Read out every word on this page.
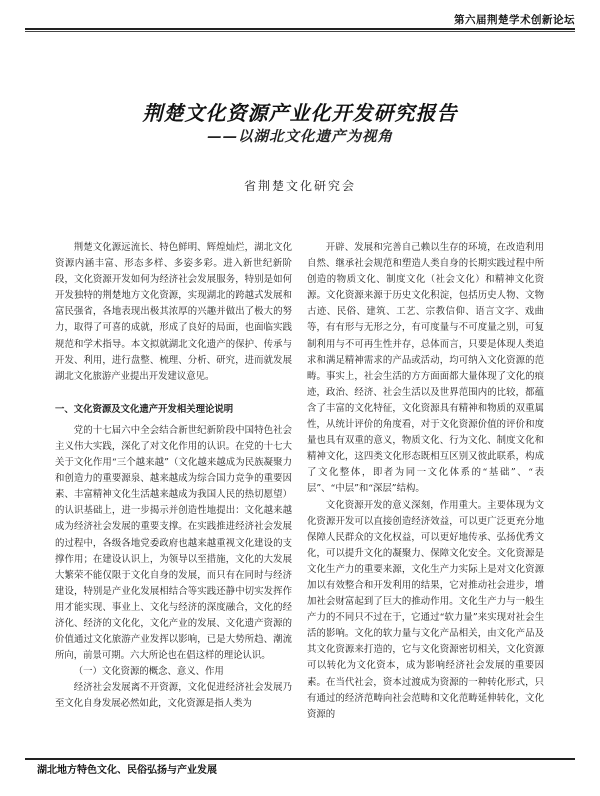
第六届荆楚学术创新论坛
荆楚文化资源产业化开发研究报告
——以湖北文化遗产为视角
省荆楚文化研究会

荆楚文化源远流长、特色鲜明、辉煌灿烂，湖北文化资源内涵丰富、形态多样、多姿多彩。进入新世纪新阶段，文化资源开发如何为经济社会发展服务，特别是如何开发独特的荆楚地方文化资源，实现湖北的跨越式发展和富民强省，各地表现出极其浓厚的兴趣并做出了极大的努力，取得了可喜的成就，形成了良好的局面，也面临实践规范和学术指导。本文拟就湖北文化遗产的保护、传承与开发、利用，进行盘整、梳理、分析、研究，进而就发展湖北文化旅游产业提出开发建议意见。

一、文化资源及文化遗产开发相关理论说明

党的十七届六中全会结合新世纪新阶段中国特色社会主义伟大实践，深化了对文化作用的认识。在党的十七大关于文化作用“三个越来越”（文化越来越成为民族凝聚力和创造力的重要源泉、越来越成为综合国力竞争的重要因素、丰富精神文化生活越来越成为我国人民的热切愿望）的认识基础上，进一步揭示并创造性地提出：文化越来越成为经济社会发展的重要支撑。在实践推进经济社会发展的过程中，各级各地党委政府也越来越重视文化建设的支撑作用；在建设认识上，为领导以至措施，文化的大发展大繁荣不能仅限于文化自身的发展，而只有在同时与经济建设，特别是产业化发展相结合等实践还静中切实发挥作用才能实现、事业上、文化与经济的深度融合，文化的经济化、经济的文化化，文化产业的发展、文化遗产资源的价值通过文化旅游产业发挥以影响，已是大势所趋、潮流所向，前景可期。六大所论也在倡这样的理论认识。

（一）文化资源的概念、意义、作用

经济社会发展离不开资源，文化促进经济社会发展乃至文化自身发展必然如此，文化资源是指人类为

开辟、发展和完善自己赖以生存的环境，在改造利用自然、继承社会规范和塑造人类自身的长期实践过程中所创造的物质文化、制度文化（社会文化）和精神文化资源。文化资源来源于历史文化积淀，包括历史人物、文物古迹、民俗、建筑、工艺、宗教信仰、语言文字、戏曲等，有有形与无形之分，有可度量与不可度量之别，可复制利用与不可再生性并存，总体而言，只要是体现人类追求和满足精神需求的产品或活动，均可纳入文化资源的范畴。事实上，社会生活的方方面面都大量体现了文化的痕迹，政治、经济、社会生活以及世界范围内的比较，都蕴含了丰富的文化特征，文化资源具有精神和物质的双重属性，从统计评价的角度看，对于文化资源价值的评价和度量也具有双重的意义，物质文化、行为文化、制度文化和精神文化，这四类文化形态既相互区别又彼此联系，构成了文化整体，即者为同一文化体系的“基础”、“表层”、“中层”和“深层”结构。

文化资源开发的意义深刻，作用重大。主要体现为文化资源开发可以直接创造经济效益，可以更广泛更充分地保障人民群众的文化权益，可以更好地传承、弘扬优秀文化，可以提升文化的凝聚力、保障文化安全。文化资源是文化生产力的重要来源，文化生产力实际上是对文化资源加以有效整合和开发利用的结果，它对推动社会进步，增加社会财富起到了巨大的推动作用。文化生产力与一般生产力的不同只不过在于，它通过“软力量”来实现对社会生活的影响。文化的软力量与文化产品相关，由文化产品及其文化资源来打造的，它与文化资源密切相关，文化资源可以转化为文化资本，成为影响经济社会发展的重要因素。在当代社会，资本过渡成为资源的一种转化形式，只有通过的经济范畴向社会范畴和文化范畴延伸转化，文化资源的

湖北地方特色文化、民俗弘扬与产业发展
